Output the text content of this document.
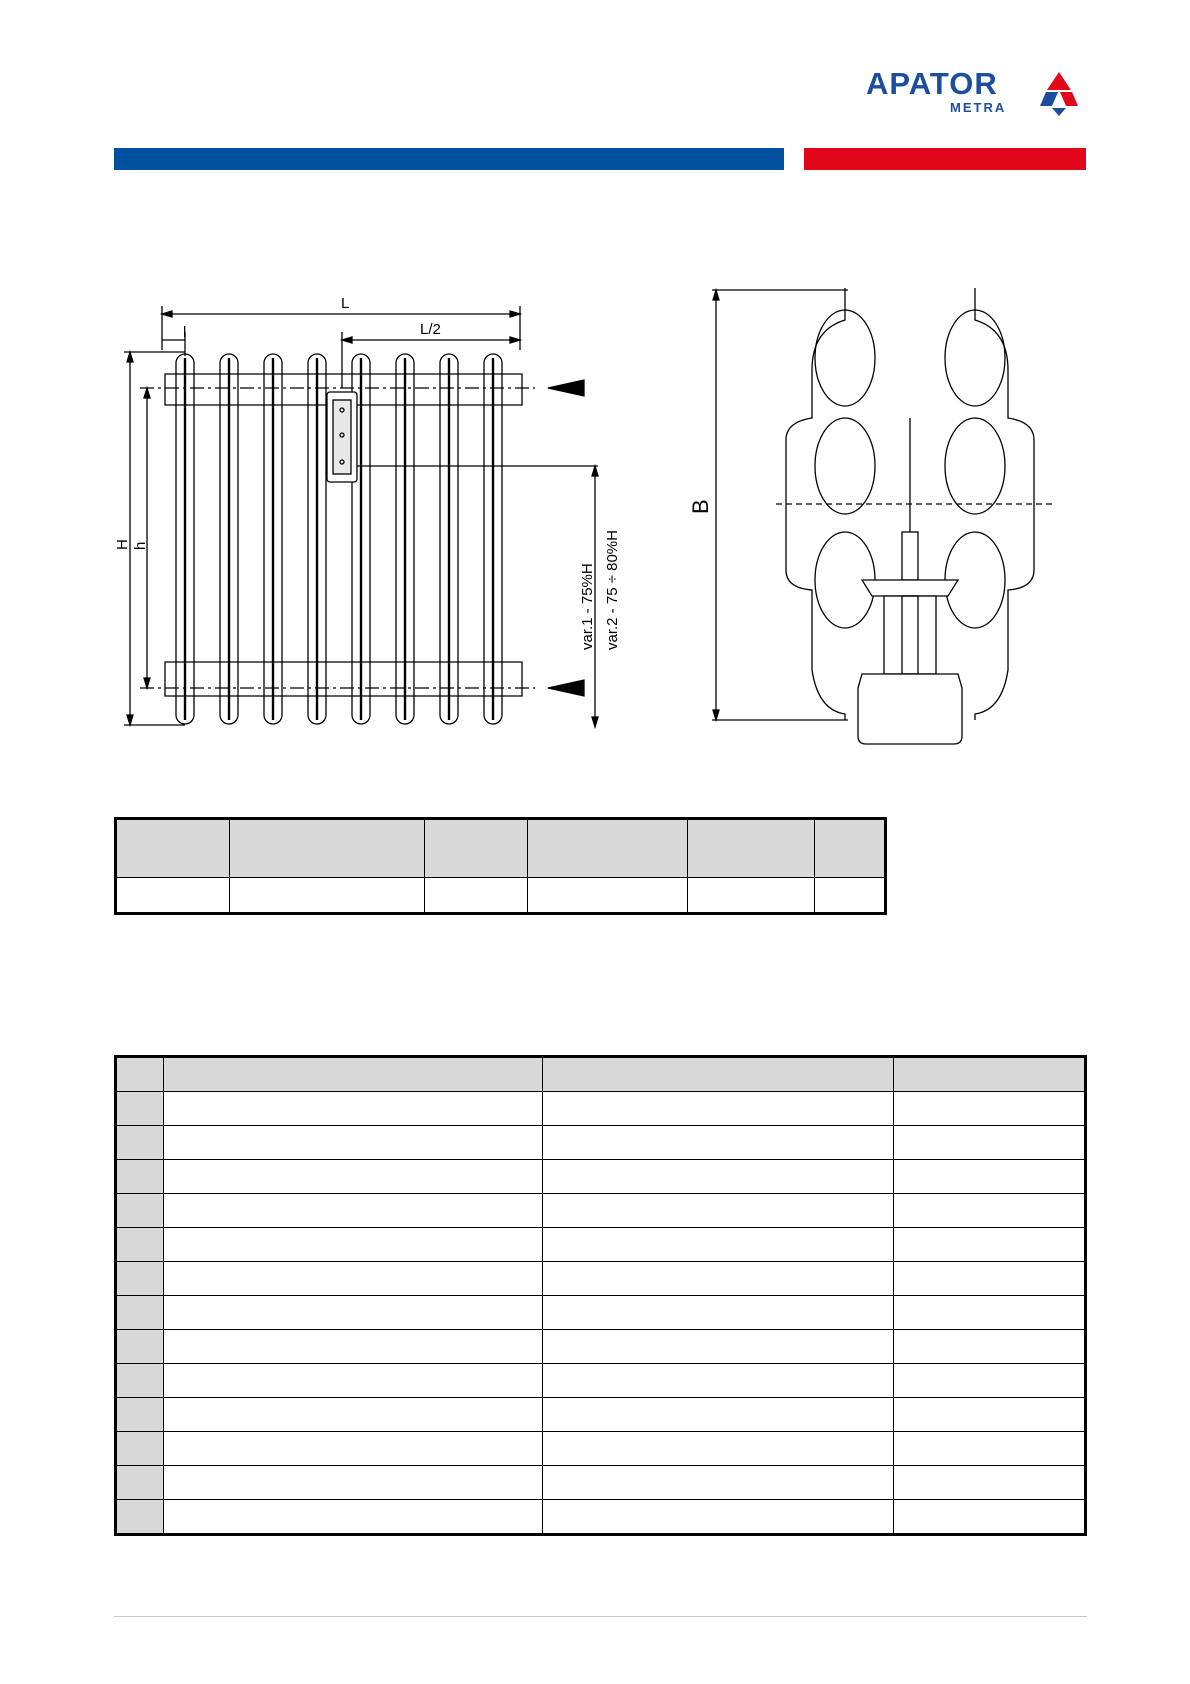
APATOR
METRA
L
l	L/2
H h
var.1 - 75%H var.2 - 75 ÷ 80%H
B
